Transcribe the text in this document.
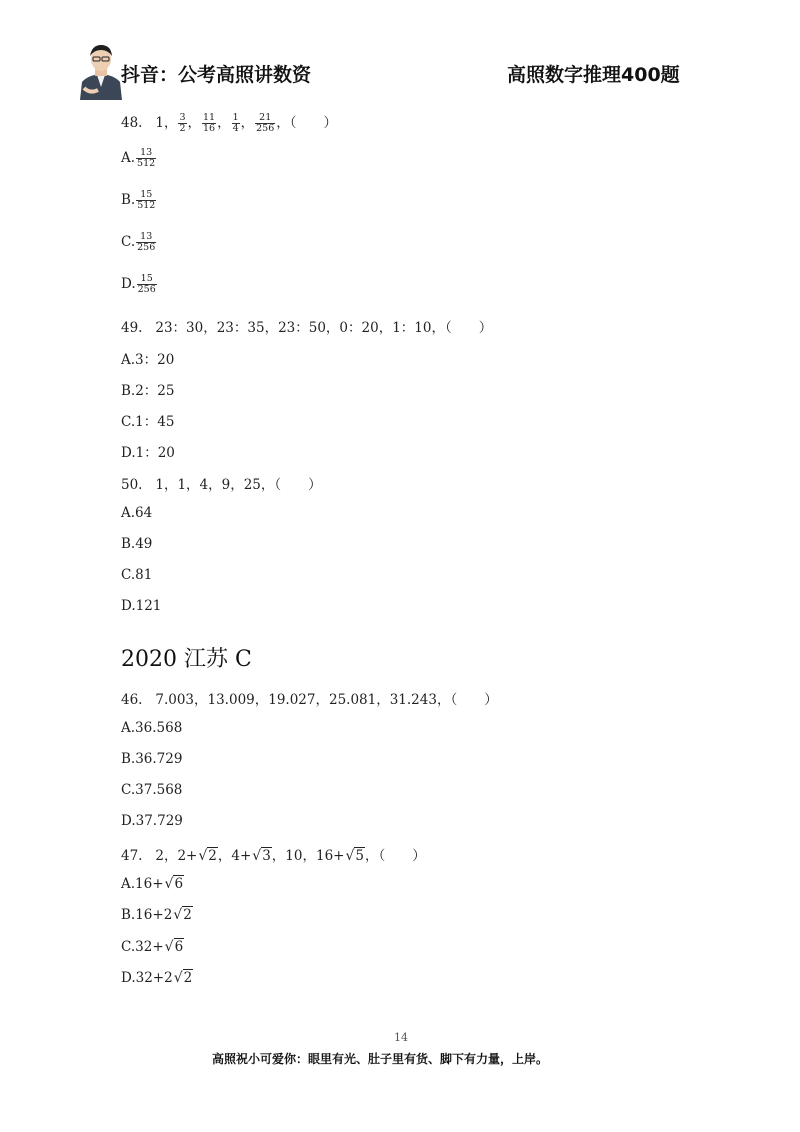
抖音：公考高照讲数资	高照数字推理400题
48. 1， $\frac{3}{2}$ ， $\frac{11}{16}$ ， $\frac{1}{4}$ ， $\frac{21}{256}$ ，（　　）
A. $\frac{13}{512}$
B. $\frac{15}{512}$
C. $\frac{13}{256}$
D. $\frac{15}{256}$
49. 23：30，23：35，23：50，0：20，1：10，（　　）
A.3：20
B.2：25
C.1：45
D.1：20
50. 1，1，4，9，25，（　　）
A.64
B.49
C.81
D.121
2020 江苏 C
46. 7.003，13.009，19.027，25.081，31.243，（　　）
A.36.568
B.36.729
C.37.568
D.37.729
47. 2，2+√2，4+√3，10，16+√5，（　　）
A.16+√6
B.16+2√2
C.32+√6
D.32+2√2
14
高照祝小可爱你：眼里有光、肚子里有货、脚下有力量，上岸。
